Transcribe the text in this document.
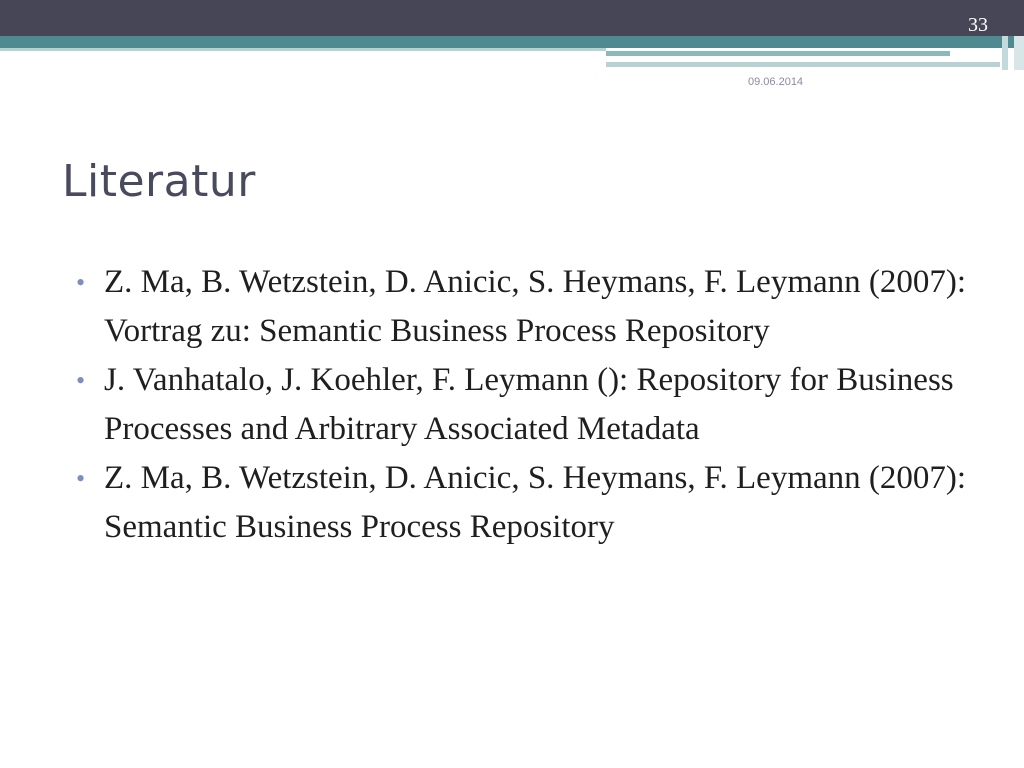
33
09.06.2014
Literatur
• Z. Ma, B. Wetzstein, D. Anicic, S. Heymans, F. Leymann (2007): Vortrag zu: Semantic Business Process Repository
• J. Vanhatalo, J. Koehler, F. Leymann (): Repository for Business Processes and Arbitrary Associated Metadata
• Z. Ma, B. Wetzstein, D. Anicic, S. Heymans, F. Leymann (2007): Semantic Business Process Repository
